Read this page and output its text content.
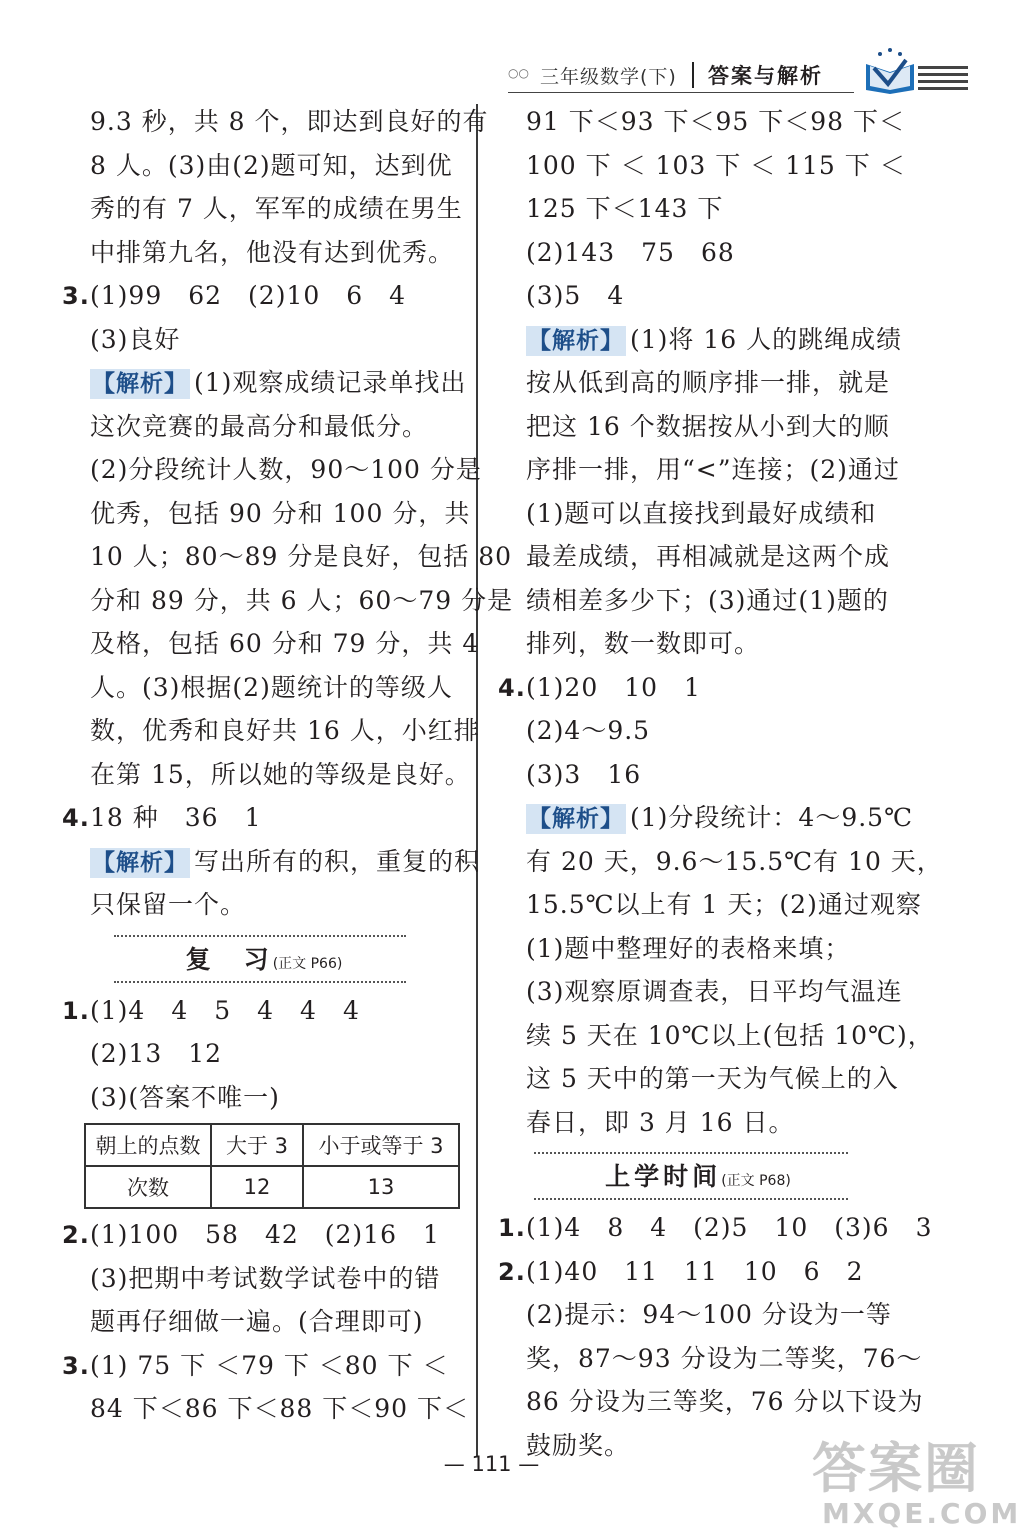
○○ 三年级数学(下) 答案与解析
9.3 秒，共 8 个，即达到良好的有
8 人。(3)由(2)题可知，达到优
秀的有 7 人，军军的成绩在男生
中排第九名，他没有达到优秀。
3.(1)99　62　(2)10　6　4
(3)良好
【解析】 (1)观察成绩记录单找出
这次竞赛的最高分和最低分。
(2)分段统计人数，90～100 分是
优秀，包括 90 分和 100 分，共
10 人；80～89 分是良好，包括 80
分和 89 分，共 6 人；60～79 分是
及格，包括 60 分和 79 分，共 4
人。(3)根据(2)题统计的等级人
数，优秀和良好共 16 人，小红排
在第 15，所以她的等级是良好。
4.18 种　36　1
【解析】 写出所有的积，重复的积
只保留一个。
复　习(正文 P66)
1.(1)4　4　5　4　4　4
(2)13　12
(3)(答案不唯一)
朝上的点数	大于 3	小于或等于 3
次数	12	13
2.(1)100　58　42　(2)16　1
(3)把期中考试数学试卷中的错
题再仔细做一遍。(合理即可)
3.(1) 75 下 ＜79 下 ＜80 下 ＜
84 下＜86 下＜88 下＜90 下＜
91 下＜93 下＜95 下＜98 下＜
100 下 ＜ 103 下 ＜ 115 下 ＜
125 下＜143 下
(2)143　75　68
(3)5　4
【解析】 (1)将 16 人的跳绳成绩
按从低到高的顺序排一排，就是
把这 16 个数据按从小到大的顺
序排一排，用“<”连接；(2)通过
(1)题可以直接找到最好成绩和
最差成绩，再相减就是这两个成
绩相差多少下；(3)通过(1)题的
排列，数一数即可。
4.(1)20　10　1
(2)4～9.5
(3)3　16
【解析】 (1)分段统计：4～9.5℃
有 20 天，9.6～15.5℃有 10 天，
15.5℃以上有 1 天；(2)通过观察
(1)题中整理好的表格来填；
(3)观察原调查表，日平均气温连
续 5 天在 10℃以上(包括 10℃)，
这 5 天中的第一天为气候上的入
春日，即 3 月 16 日。
上学时间(正文 P68)
1.(1)4　8　4　(2)5　10　(3)6　3
2.(1)40　11　11　10　6　2
(2)提示：94～100 分设为一等
奖，87～93 分设为二等奖，76～
86 分设为三等奖，76 分以下设为
鼓励奖。
— 111 —	答案圈
MXQE.COM
